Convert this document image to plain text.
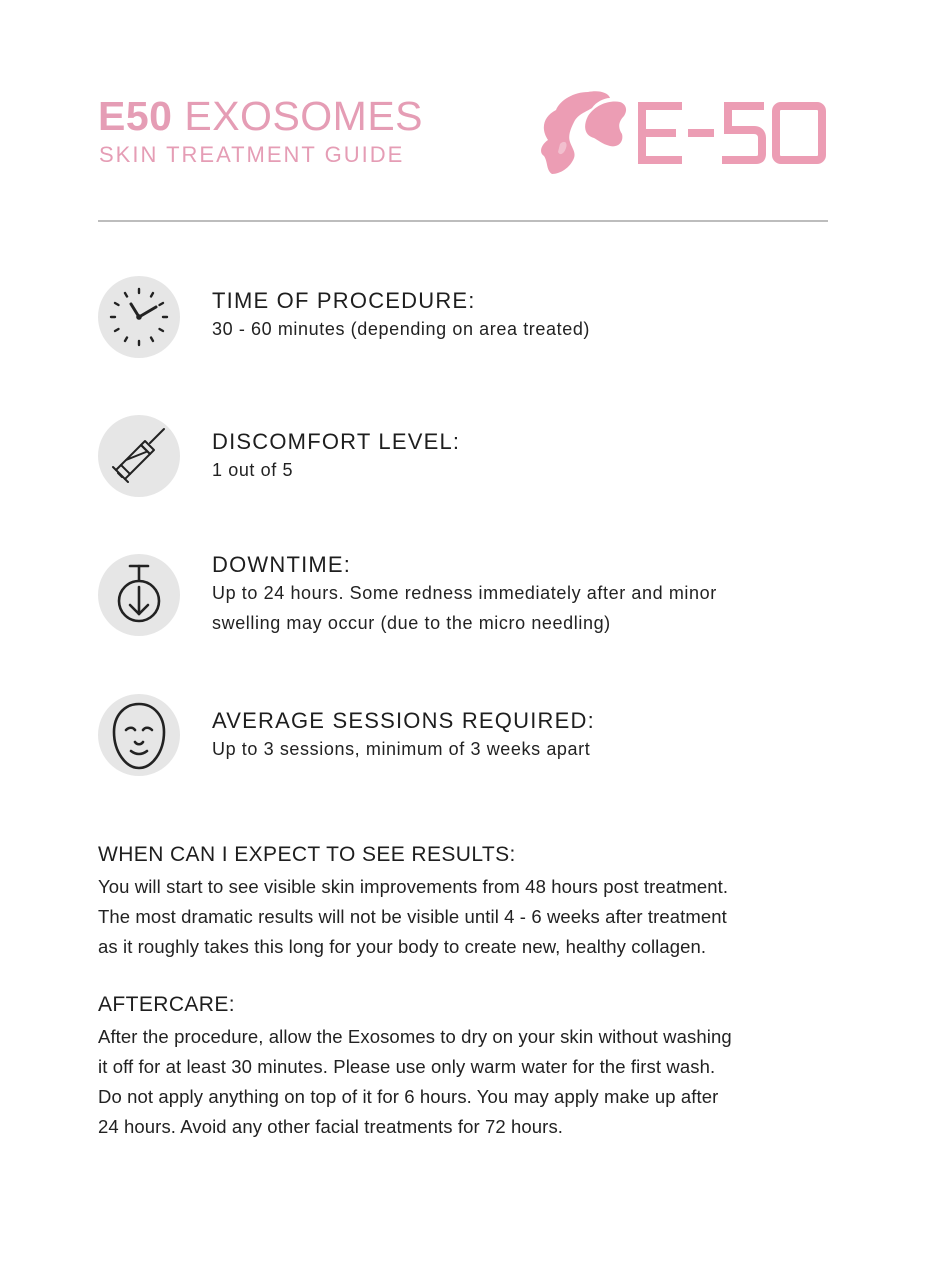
E50 EXOSOMES
SKIN TREATMENT GUIDE
TIME OF PROCEDURE:
30 - 60 minutes (depending on area treated)
DISCOMFORT LEVEL:
1 out of 5
DOWNTIME:
Up to 24 hours. Some redness immediately after and minor
swelling may occur (due to the micro needling)
AVERAGE SESSIONS REQUIRED:
Up to 3 sessions, minimum of 3 weeks apart
WHEN CAN I EXPECT TO SEE RESULTS:
You will start to see visible skin improvements from 48 hours post treatment.
The most dramatic results will not be visible until 4 - 6 weeks after treatment
as it roughly takes this long for your body to create new, healthy collagen.
AFTERCARE:
After the procedure, allow the Exosomes to dry on your skin without washing
it off for at least 30 minutes. Please use only warm water for the first wash.
Do not apply anything on top of it for 6 hours. You may apply make up after
24 hours. Avoid any other facial treatments for 72 hours.
